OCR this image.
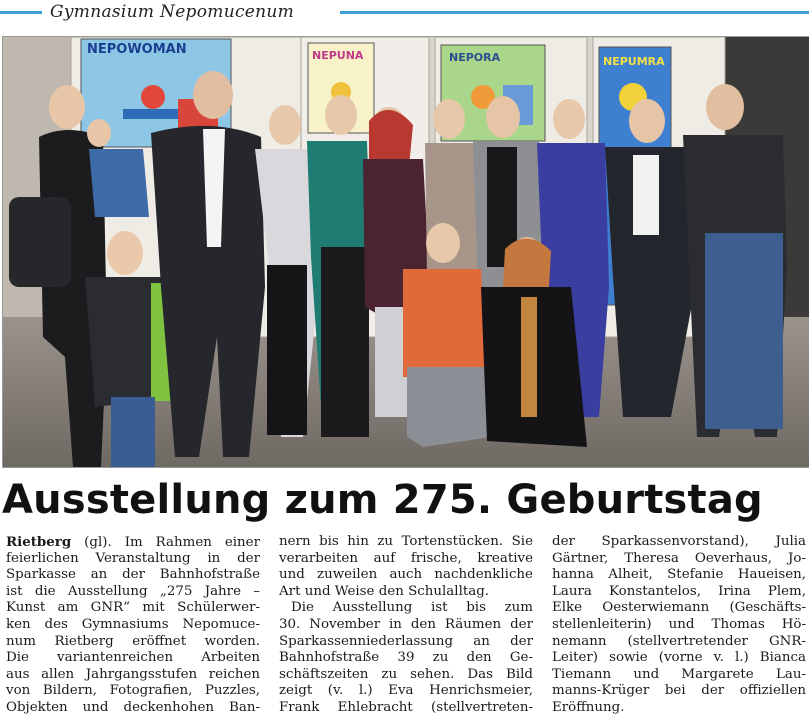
Gymnasium Nepomucenum
NEPOWOMAN	NEPUNA	NEPORA	NEPUMRA
Ausstellung zum 275. Geburtstag
Rietberg (gl). Im Rahmen einer
feierlichen Veranstaltung in der
Sparkasse an der Bahnhofstraße
ist die Ausstellung „275 Jahre –
Kunst am GNR“ mit Schülerwer-
ken des Gymnasiums Nepomuce-
num Rietberg eröffnet worden.
Die variantenreichen Arbeiten
aus allen Jahrgangsstufen reichen
von Bildern, Fotografien, Puzzles,
Objekten und deckenhohen Ban-
nern bis hin zu Tortenstücken. Sie
verarbeiten auf frische, kreative
und zuweilen auch nachdenkliche
Art und Weise den Schulalltag.
Die Ausstellung ist bis zum
30. November in den Räumen der
Sparkassenniederlassung an der
Bahnhofstraße 39 zu den Ge-
schäftszeiten zu sehen. Das Bild
zeigt (v. l.) Eva Henrichsmeier,
Frank Ehlebracht (stellvertreten-
der Sparkassenvorstand), Julia
Gärtner, Theresa Oeverhaus, Jo-
hanna Alheit, Stefanie Haueisen,
Laura Konstantelos, Irina Plem,
Elke Oesterwiemann (Geschäfts-
stellenleiterin) und Thomas Hö-
nemann (stellvertretender GNR-
Leiter) sowie (vorne v. l.) Bianca
Tiemann und Margarete Lau-
manns-Krüger bei der offiziellen
Eröffnung.
